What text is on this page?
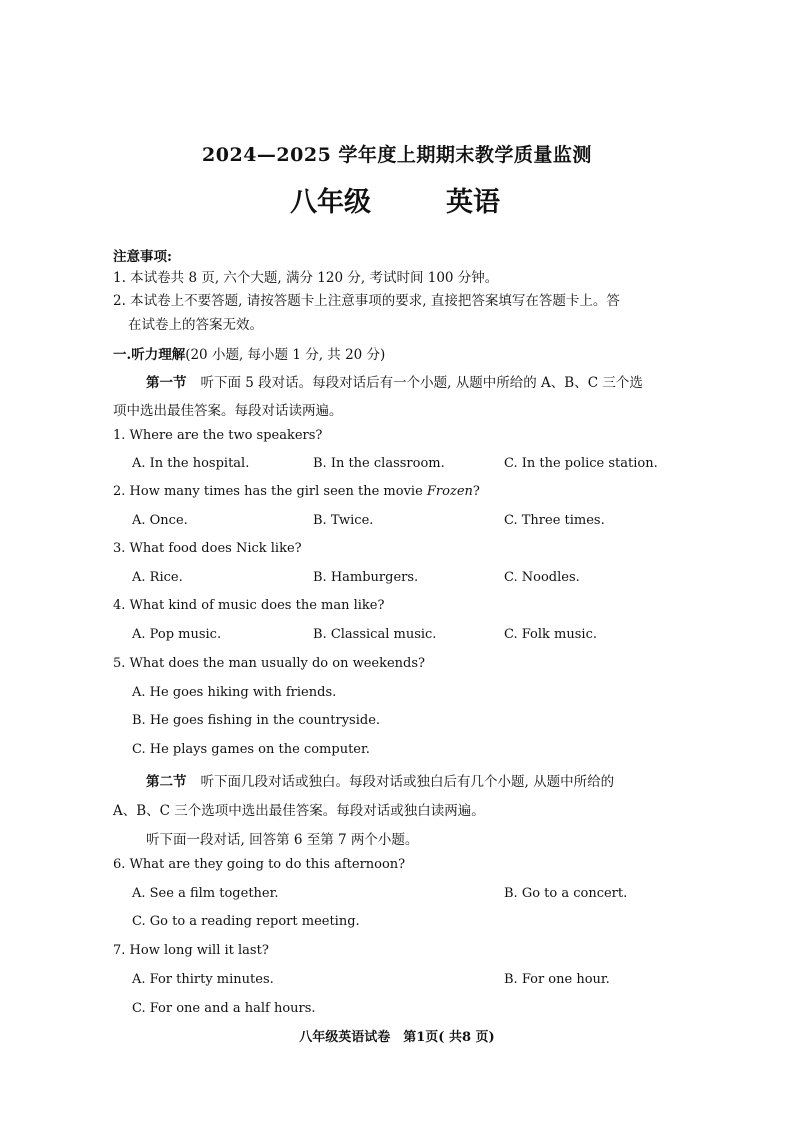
2024—2025 学年度上期期末教学质量监测
八年级	英语
注意事项:
1. 本试卷共 8 页, 六个大题, 满分 120 分, 考试时间 100 分钟。
2. 本试卷上不要答题, 请按答题卡上注意事项的要求, 直接把答案填写在答题卡上。答
在试卷上的答案无效。
一.听力理解(20 小题, 每小题 1 分, 共 20 分)
第一节 听下面 5 段对话。每段对话后有一个小题, 从题中所给的 A、B、C 三个选
项中选出最佳答案。每段对话读两遍。
1. Where are the two speakers?
A. In the hospital.	B. In the classroom.	C. In the police station.
2. How many times has the girl seen the movie Frozen?
A. Once.	B. Twice.	C. Three times.
3. What food does Nick like?
A. Rice.	B. Hamburgers.	C. Noodles.
4. What kind of music does the man like?
A. Pop music.	B. Classical music.	C. Folk music.
5. What does the man usually do on weekends?
A. He goes hiking with friends.
B. He goes fishing in the countryside.
C. He plays games on the computer.
第二节 听下面几段对话或独白。每段对话或独白后有几个小题, 从题中所给的
A、B、C 三个选项中选出最佳答案。每段对话或独白读两遍。
听下面一段对话, 回答第 6 至第 7 两个小题。
6. What are they going to do this afternoon?
A. See a film together.	B. Go to a concert.
C. Go to a reading report meeting.
7. How long will it last?
A. For thirty minutes.	B. For one hour.
C. For one and a half hours.
八年级英语试卷　第1页( 共8 页)
